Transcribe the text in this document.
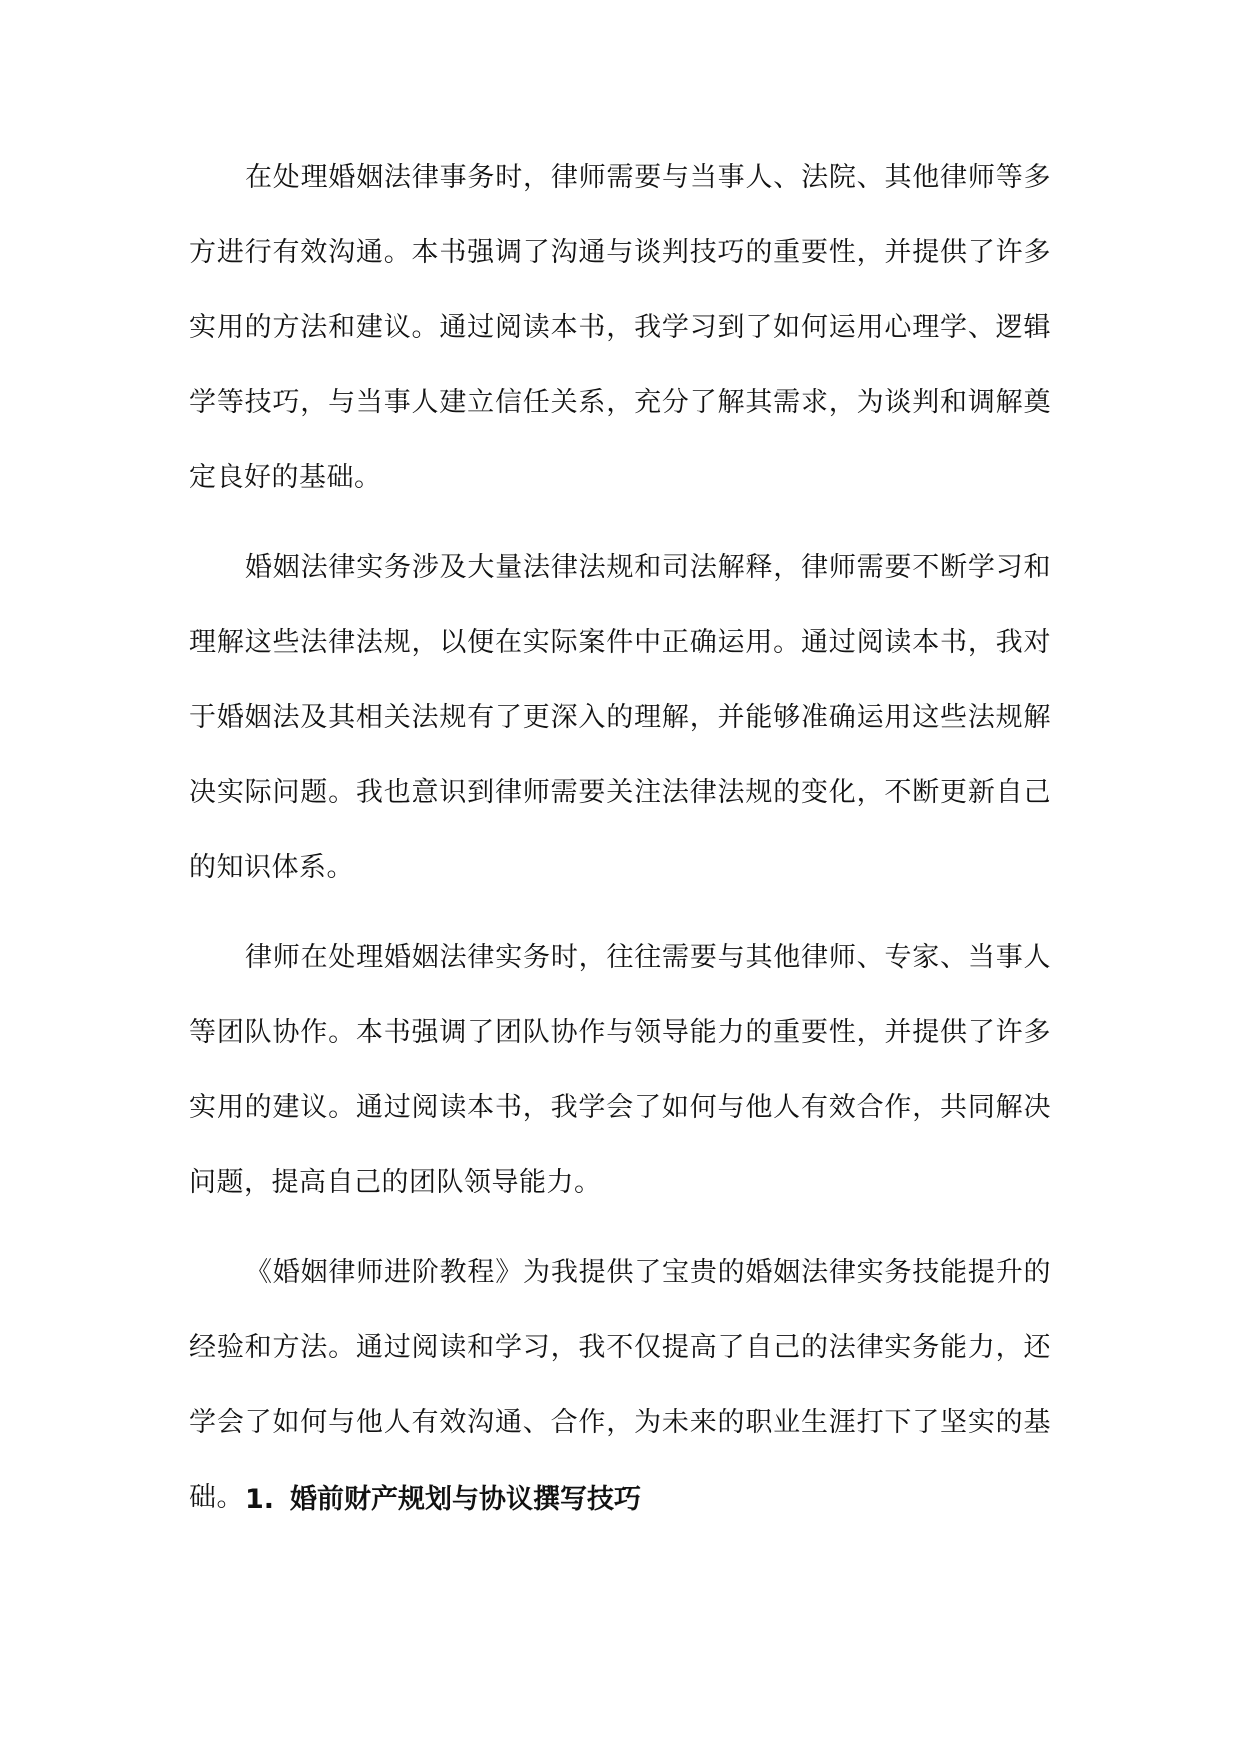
在处理婚姻法律事务时，律师需要与当事人、法院、其他律师等多方进行有效沟通。本书强调了沟通与谈判技巧的重要性，并提供了许多实用的方法和建议。通过阅读本书，我学习到了如何运用心理学、逻辑学等技巧，与当事人建立信任关系，充分了解其需求，为谈判和调解奠定良好的基础。

婚姻法律实务涉及大量法律法规和司法解释，律师需要不断学习和理解这些法律法规，以便在实际案件中正确运用。通过阅读本书，我对于婚姻法及其相关法规有了更深入的理解，并能够准确运用这些法规解决实际问题。我也意识到律师需要关注法律法规的变化，不断更新自己的知识体系。

律师在处理婚姻法律实务时，往往需要与其他律师、专家、当事人等团队协作。本书强调了团队协作与领导能力的重要性，并提供了许多实用的建议。通过阅读本书，我学会了如何与他人有效合作，共同解决问题，提高自己的团队领导能力。

《婚姻律师进阶教程》为我提供了宝贵的婚姻法律实务技能提升的经验和方法。通过阅读和学习，我不仅提高了自己的法律实务能力，还学会了如何与他人有效沟通、合作，为未来的职业生涯打下了坚实的基础。 1. 婚前财产规划与协议撰写技巧
